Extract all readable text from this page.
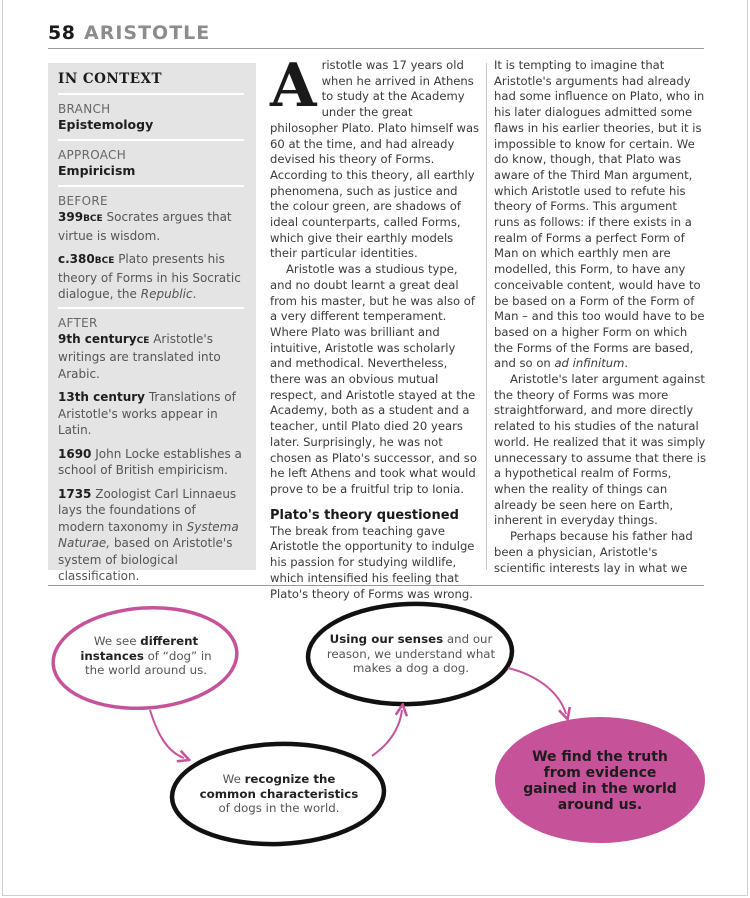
58 ARISTOTLE
IN CONTEXT
BRANCH
Epistemology
APPROACH
Empiricism
BEFORE
399BCE Socrates argues that virtue is wisdom.
c.380BCE Plato presents his theory of Forms in his Socratic dialogue, the Republic.
AFTER
9th centuryCE Aristotle's writings are translated into Arabic.
13th century Translations of Aristotle's works appear in Latin.
1690 John Locke establishes a school of British empiricism.
1735 Zoologist Carl Linnaeus lays the foundations of modern taxonomy in Systema Naturae, based on Aristotle's system of biological classification.

Aristotle was 17 years old when he arrived in Athens to study at the Academy under the great philosopher Plato. Plato himself was 60 at the time, and had already devised his theory of Forms. According to this theory, all earthly phenomena, such as justice and the colour green, are shadows of ideal counterparts, called Forms, which give their earthly models their particular identities.

Aristotle was a studious type, and no doubt learnt a great deal from his master, but he was also of a very different temperament. Where Plato was brilliant and intuitive, Aristotle was scholarly and methodical. Nevertheless, there was an obvious mutual respect, and Aristotle stayed at the Academy, both as a student and a teacher, until Plato died 20 years later. Surprisingly, he was not chosen as Plato's successor, and so he left Athens and took what would prove to be a fruitful trip to Ionia.

Plato's theory questioned

The break from teaching gave Aristotle the opportunity to indulge his passion for studying wildlife, which intensified his feeling that Plato's theory of Forms was wrong.

It is tempting to imagine that Aristotle's arguments had already had some influence on Plato, who in his later dialogues admitted some flaws in his earlier theories, but it is impossible to know for certain. We do know, though, that Plato was aware of the Third Man argument, which Aristotle used to refute his theory of Forms. This argument runs as follows: if there exists in a realm of Forms a perfect Form of Man on which earthly men are modelled, this Form, to have any conceivable content, would have to be based on a Form of the Form of Man – and this too would have to be based on a higher Form on which the Forms of the Forms are based, and so on ad infinitum.

Aristotle's later argument against the theory of Forms was more straightforward, and more directly related to his studies of the natural world. He realized that it was simply unnecessary to assume that there is a hypothetical realm of Forms, when the reality of things can already be seen here on Earth, inherent in everyday things.

Perhaps because his father had been a physician, Aristotle's scientific interests lay in what we

We see different instances of “dog” in the world around us.
Using our senses and our reason, we understand what makes a dog a dog.
We recognize the common characteristics of dogs in the world.
We find the truth from evidence gained in the world around us.
